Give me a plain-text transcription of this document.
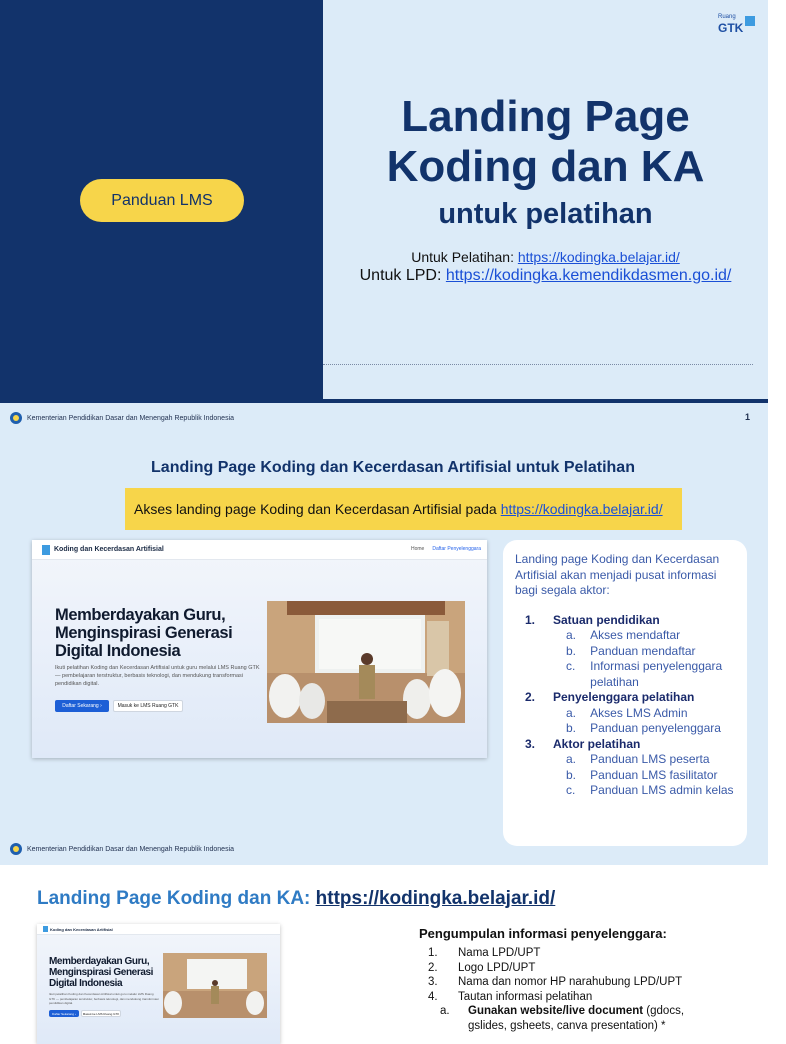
Panduan LMS
Landing Page
Koding dan KA
untuk pelatihan
Untuk Pelatihan: https://kodingka.belajar.id/
Untuk LPD: https://kodingka.kemendikdasmen.go.id/
Ruang
GTK
Kementerian Pendidikan Dasar dan Menengah Republik Indonesia	1
Landing Page Koding dan Kecerdasan Artifisial untuk Pelatihan
Akses landing page Koding dan Kecerdasan Artifisial pada https://kodingka.belajar.id/
Koding dan Kecerdasan Artifisial	Home Daftar Penyelenggara
Memberdayakan Guru, Menginspirasi Generasi Digital Indonesia
Ikuti pelatihan Koding dan Kecerdasan Artifisial untuk guru melalui LMS Ruang GTK — pembelajaran terstruktur, berbasis teknologi, dan mendukung transformasi pendidikan digital.
Daftar Sekarang ›	Masuk ke LMS Ruang GTK
Landing page Koding dan Kecerdasan Artifisial akan menjadi pusat informasi bagi segala aktor:
1.	Satuan pendidikan
a.	Akses mendaftar
b.	Panduan mendaftar
c.	Informasi penyelenggara pelatihan
2.	Penyelenggara pelatihan
a.	Akses LMS Admin
b.	Panduan penyelenggara
3.	Aktor pelatihan
a.	Panduan LMS peserta
b.	Panduan LMS fasilitator
c.	Panduan LMS admin kelas
Kementerian Pendidikan Dasar dan Menengah Republik Indonesia
Landing Page Koding dan KA: https://kodingka.belajar.id/
Koding dan Kecerdasan Artifisial
Memberdayakan Guru, Menginspirasi Generasi Digital Indonesia
Ikuti pelatihan Koding dan Kecerdasan Artifisial untuk guru melalui LMS Ruang GTK — pembelajaran terstruktur, berbasis teknologi, dan mendukung transformasi pendidikan digital.
Daftar Sekarang ›	Masuk ke LMS Ruang GTK
Pengumpulan informasi penyelenggara:
1.	Nama LPD/UPT
2.	Logo LPD/UPT
3.	Nama dan nomor HP narahubung LPD/UPT
4.	Tautan informasi pelatihan
a.	Gunakan website/live document (gdocs, gslides, gsheets, canva presentation) *
